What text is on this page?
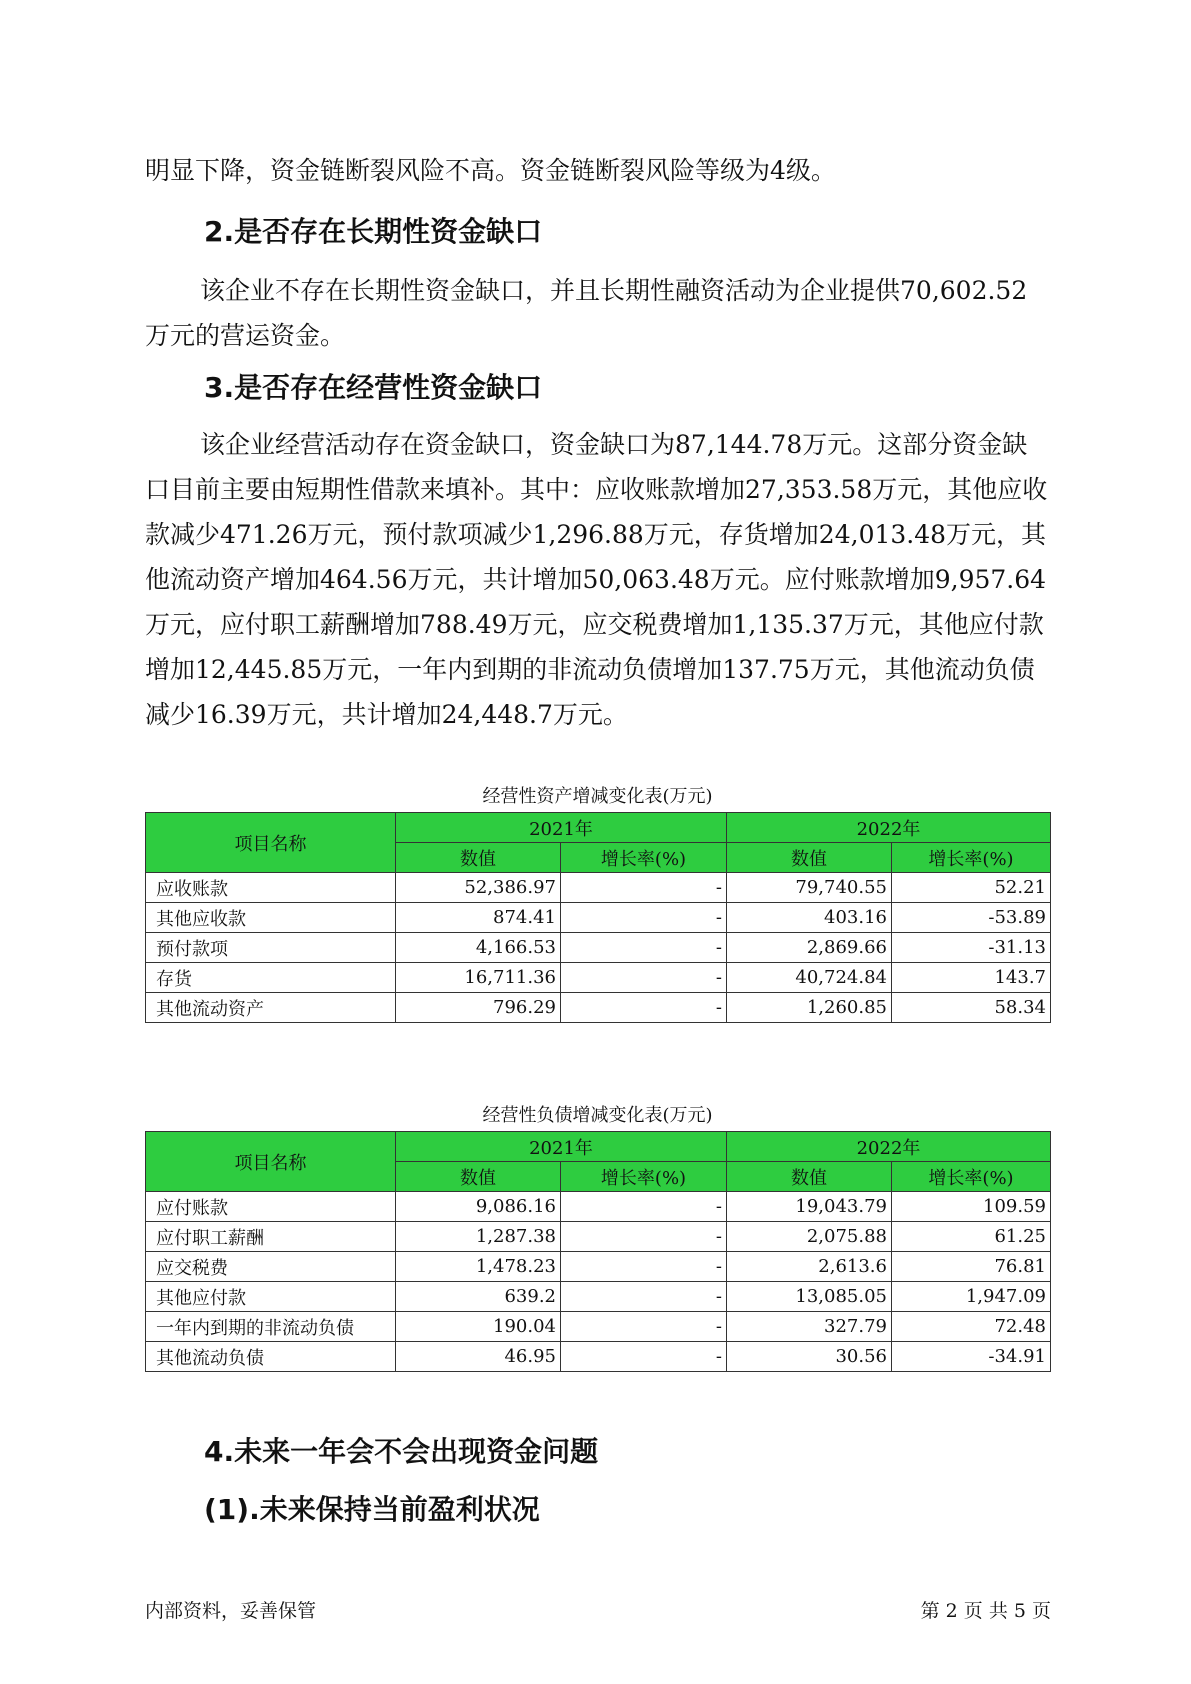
明显下降，资金链断裂风险不高。资金链断裂风险等级为4级。

2.是否存在长期性资金缺口

该企业不存在长期性资金缺口，并且长期性融资活动为企业提供70,602.52万元的营运资金。

3.是否存在经营性资金缺口

该企业经营活动存在资金缺口，资金缺口为87,144.78万元。这部分资金缺口目前主要由短期性借款来填补。其中：应收账款增加27,353.58万元，其他应收款减少471.26万元，预付款项减少1,296.88万元，存货增加24,013.48万元，其他流动资产增加464.56万元，共计增加50,063.48万元。应付账款增加9,957.64万元，应付职工薪酬增加788.49万元，应交税费增加1,135.37万元，其他应付款增加12,445.85万元，一年内到期的非流动负债增加137.75万元，其他流动负债减少16.39万元，共计增加24,448.7万元。

经营性资产增减变化表(万元)
项目名称	2021年		2022年	
	数值	增长率(%)	数值	增长率(%)
应收账款	52,386.97	-	79,740.55	52.21
其他应收款	874.41	-	403.16	-53.89
预付款项	4,166.53	-	2,869.66	-31.13
存货	16,711.36	-	40,724.84	143.7
其他流动资产	796.29	-	1,260.85	58.34
经营性负债增减变化表(万元)
项目名称	2021年		2022年	
	数值	增长率(%)	数值	增长率(%)
应付账款	9,086.16	-	19,043.79	109.59
应付职工薪酬	1,287.38	-	2,075.88	61.25
应交税费	1,478.23	-	2,613.6	76.81
其他应付款	639.2	-	13,085.05	1,947.09
一年内到期的非流动负债	190.04	-	327.79	72.48
其他流动负债	46.95	-	30.56	-34.91
4.未来一年会不会出现资金问题
(1).未来保持当前盈利状况
内部资料，妥善保管	第 2 页 共 5 页
